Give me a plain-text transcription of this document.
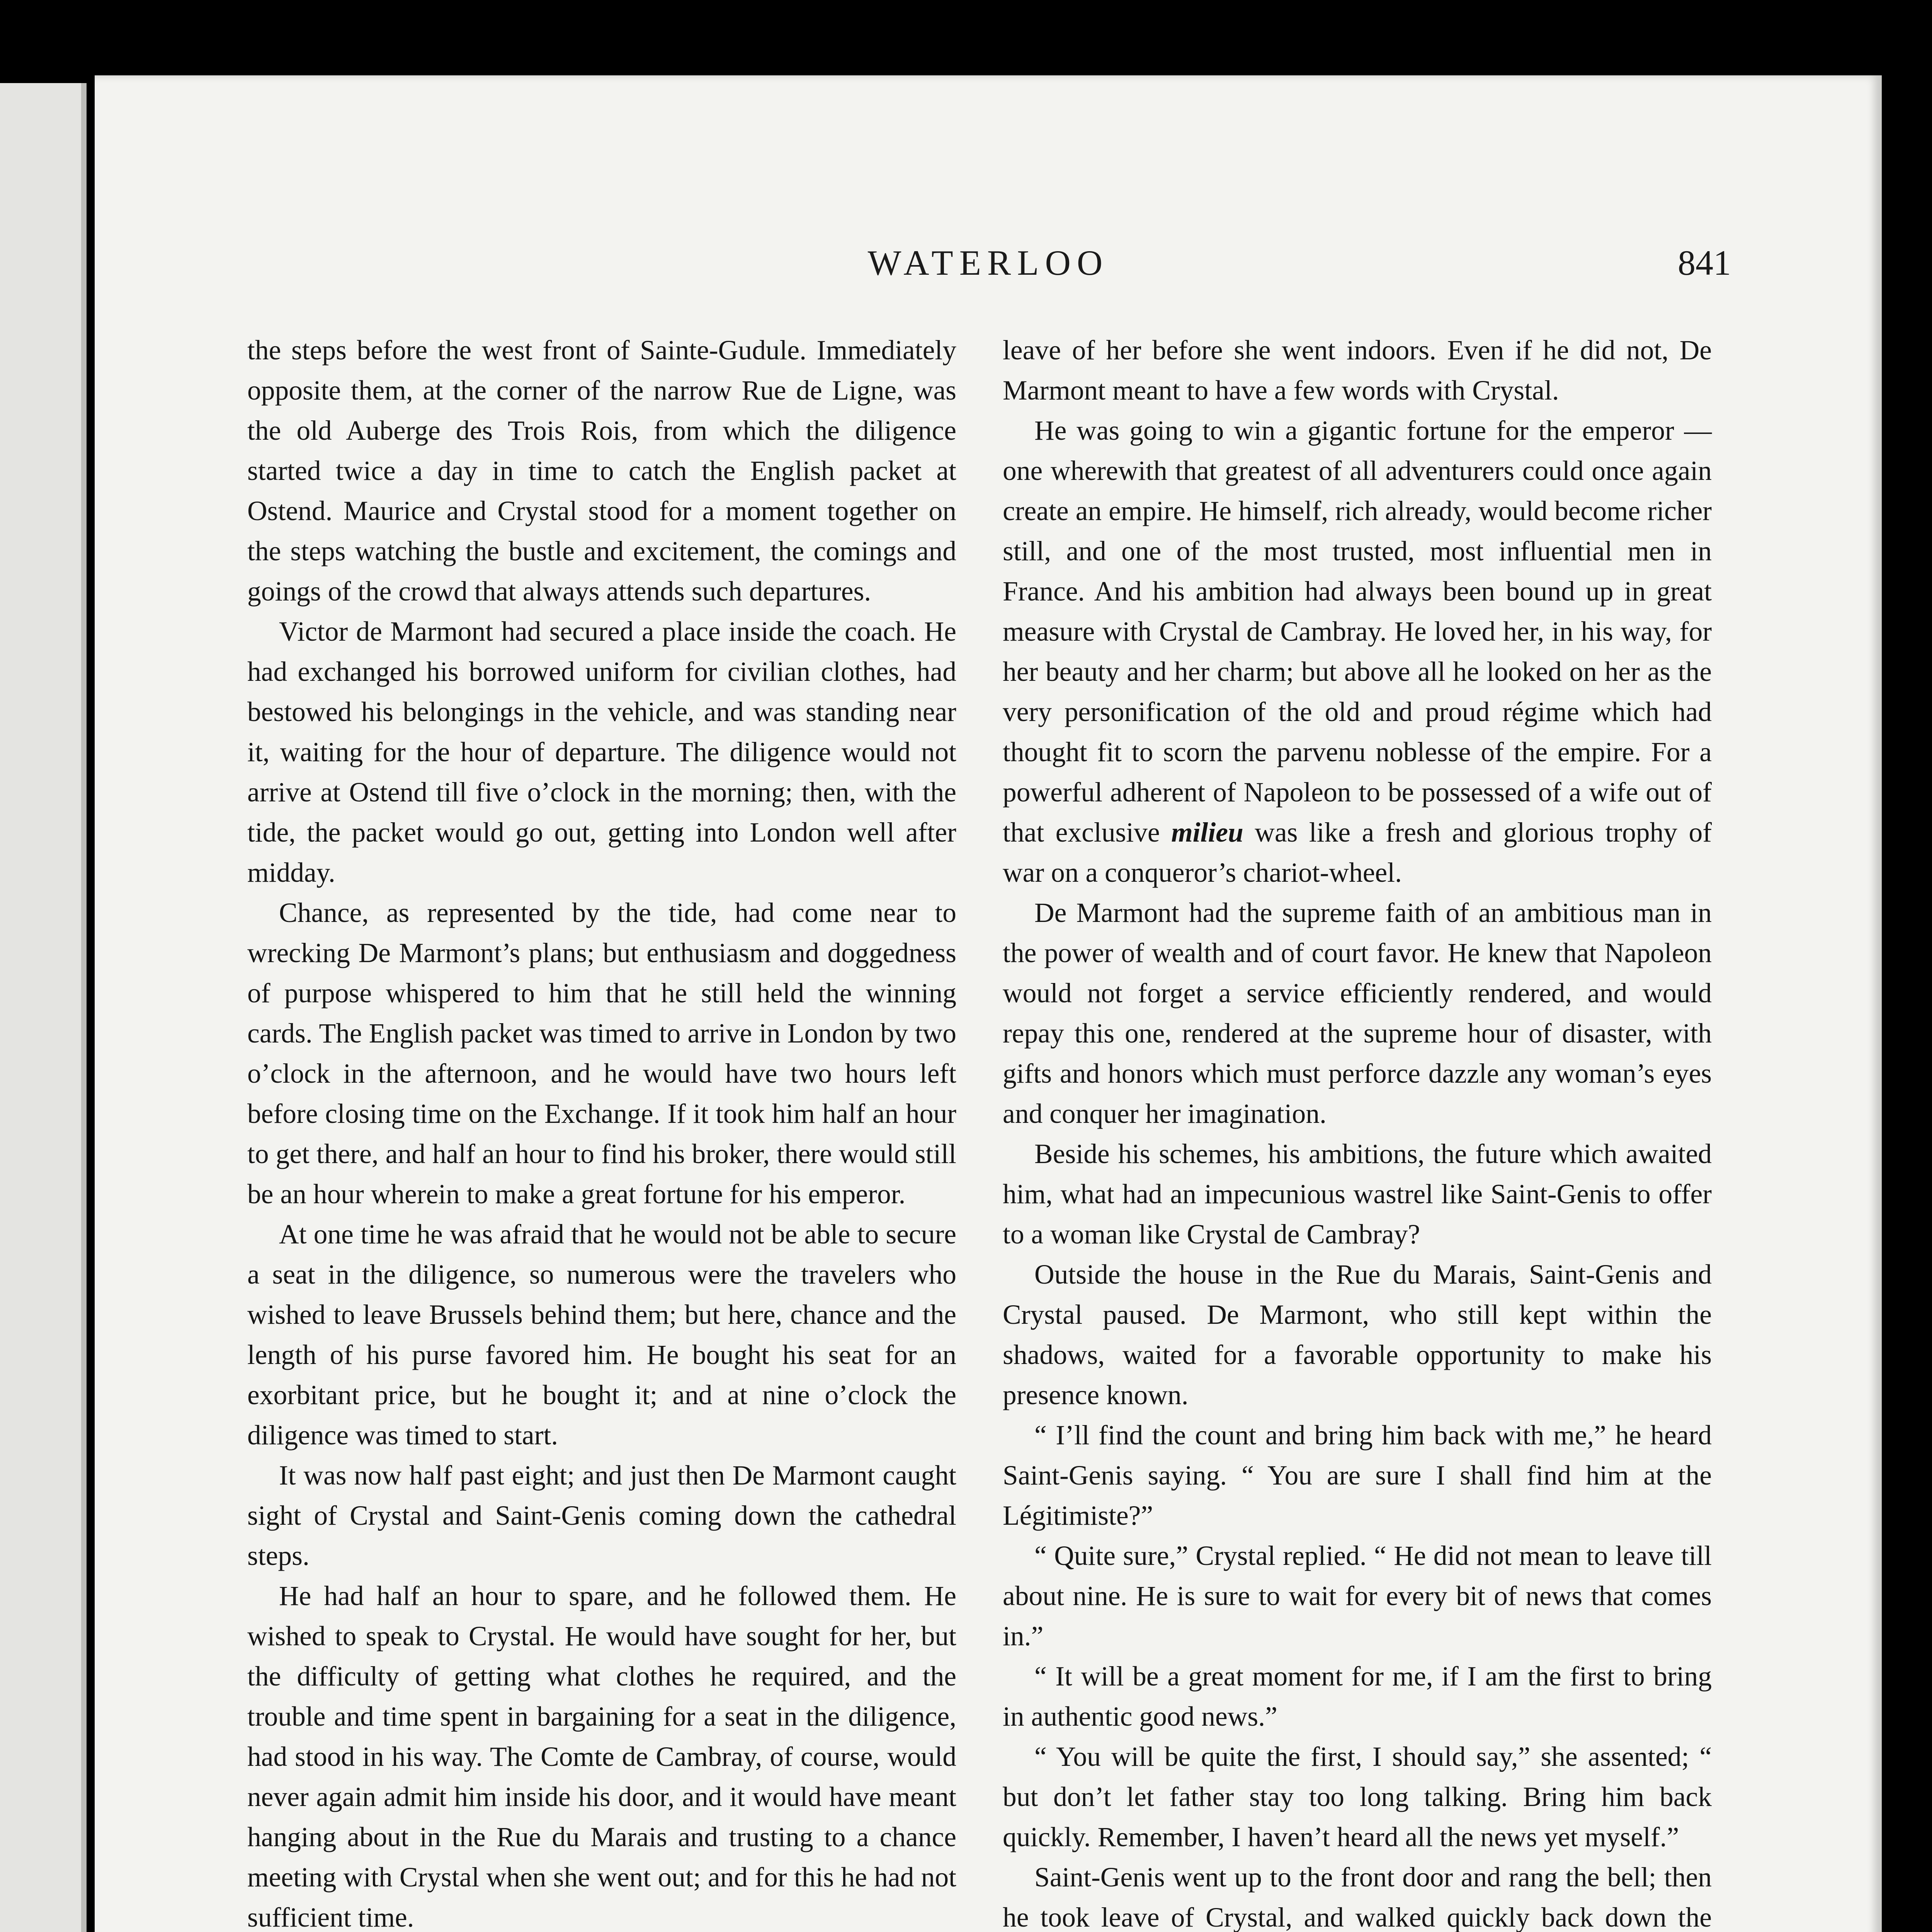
WATERLOO	841

the steps before the west front of Sainte-Gudule. Immediately opposite them, at the corner of the narrow Rue de Ligne, was the old Auberge des Trois Rois, from which the diligence started twice a day in time to catch the English packet at Ostend. Maurice and Crystal stood for a moment together on the steps watching the bustle and excitement, the comings and goings of the crowd that always attends such departures.

Victor de Marmont had secured a place inside the coach. He had exchanged his borrowed uniform for civilian clothes, had bestowed his belongings in the vehicle, and was standing near it, waiting for the hour of departure. The diligence would not arrive at Ostend till five o’clock in the morning; then, with the tide, the packet would go out, getting into London well after midday.

Chance, as represented by the tide, had come near to wrecking De Marmont’s plans; but enthusiasm and doggedness of purpose whispered to him that he still held the winning cards. The English packet was timed to arrive in London by two o’clock in the afternoon, and he would have two hours left before closing time on the Exchange. If it took him half an hour to get there, and half an hour to find his broker, there would still be an hour wherein to make a great fortune for his emperor.

At one time he was afraid that he would not be able to secure a seat in the diligence, so numerous were the travelers who wished to leave Brussels behind them; but here, chance and the length of his purse favored him. He bought his seat for an exorbitant price, but he bought it; and at nine o’clock the diligence was timed to start.

It was now half past eight; and just then De Marmont caught sight of Crystal and Saint-Genis coming down the cathedral steps.

He had half an hour to spare, and he followed them. He wished to speak to Crystal. He would have sought for her, but the difficulty of getting what clothes he required, and the trouble and time spent in bargaining for a seat in the diligence, had stood in his way. The Comte de Cambray, of course, would never again admit him inside his door, and it would have meant hanging about in the Rue du Marais and trusting to a chance meeting with Crystal when she went out; and for this he had not sufficient time.

leave of her before she went indoors. Even if he did not, De Marmont meant to have a few words with Crystal.

He was going to win a gigantic fortune for the emperor — one wherewith that greatest of all adventurers could once again create an empire. He himself, rich already, would become richer still, and one of the most trusted, most influential men in France. And his ambition had always been bound up in great measure with Crystal de Cambray. He loved her, in his way, for her beauty and her charm; but above all he looked on her as the very personification of the old and proud régime which had thought fit to scorn the parvenu noblesse of the empire. For a powerful adherent of Napoleon to be possessed of a wife out of that exclusive milieu was like a fresh and glorious trophy of war on a conqueror’s chariot-wheel.

De Marmont had the supreme faith of an ambitious man in the power of wealth and of court favor. He knew that Napoleon would not forget a service efficiently rendered, and would repay this one, rendered at the supreme hour of disaster, with gifts and honors which must perforce dazzle any woman’s eyes and conquer her imagination.

Beside his schemes, his ambitions, the future which awaited him, what had an impecunious wastrel like Saint-Genis to offer to a woman like Crystal de Cambray?

Outside the house in the Rue du Marais, Saint-Genis and Crystal paused. De Marmont, who still kept within the shadows, waited for a favorable opportunity to make his presence known.

“ I’ll find the count and bring him back with me,” he heard Saint-Genis saying. “ You are sure I shall find him at the Légitimiste?”

“ Quite sure,” Crystal replied. “ He did not mean to leave till about nine. He is sure to wait for every bit of news that comes in.”

“ It will be a great moment for me, if I am the first to bring in authentic good news.”

“ You will be quite the first, I should say,” she assented; “ but don’t let father stay too long talking. Bring him back quickly. Remember, I haven’t heard all the news yet myself.”

Saint-Genis went up to the front door and rang the bell; then he took leave of Crystal, and walked quickly back down the
